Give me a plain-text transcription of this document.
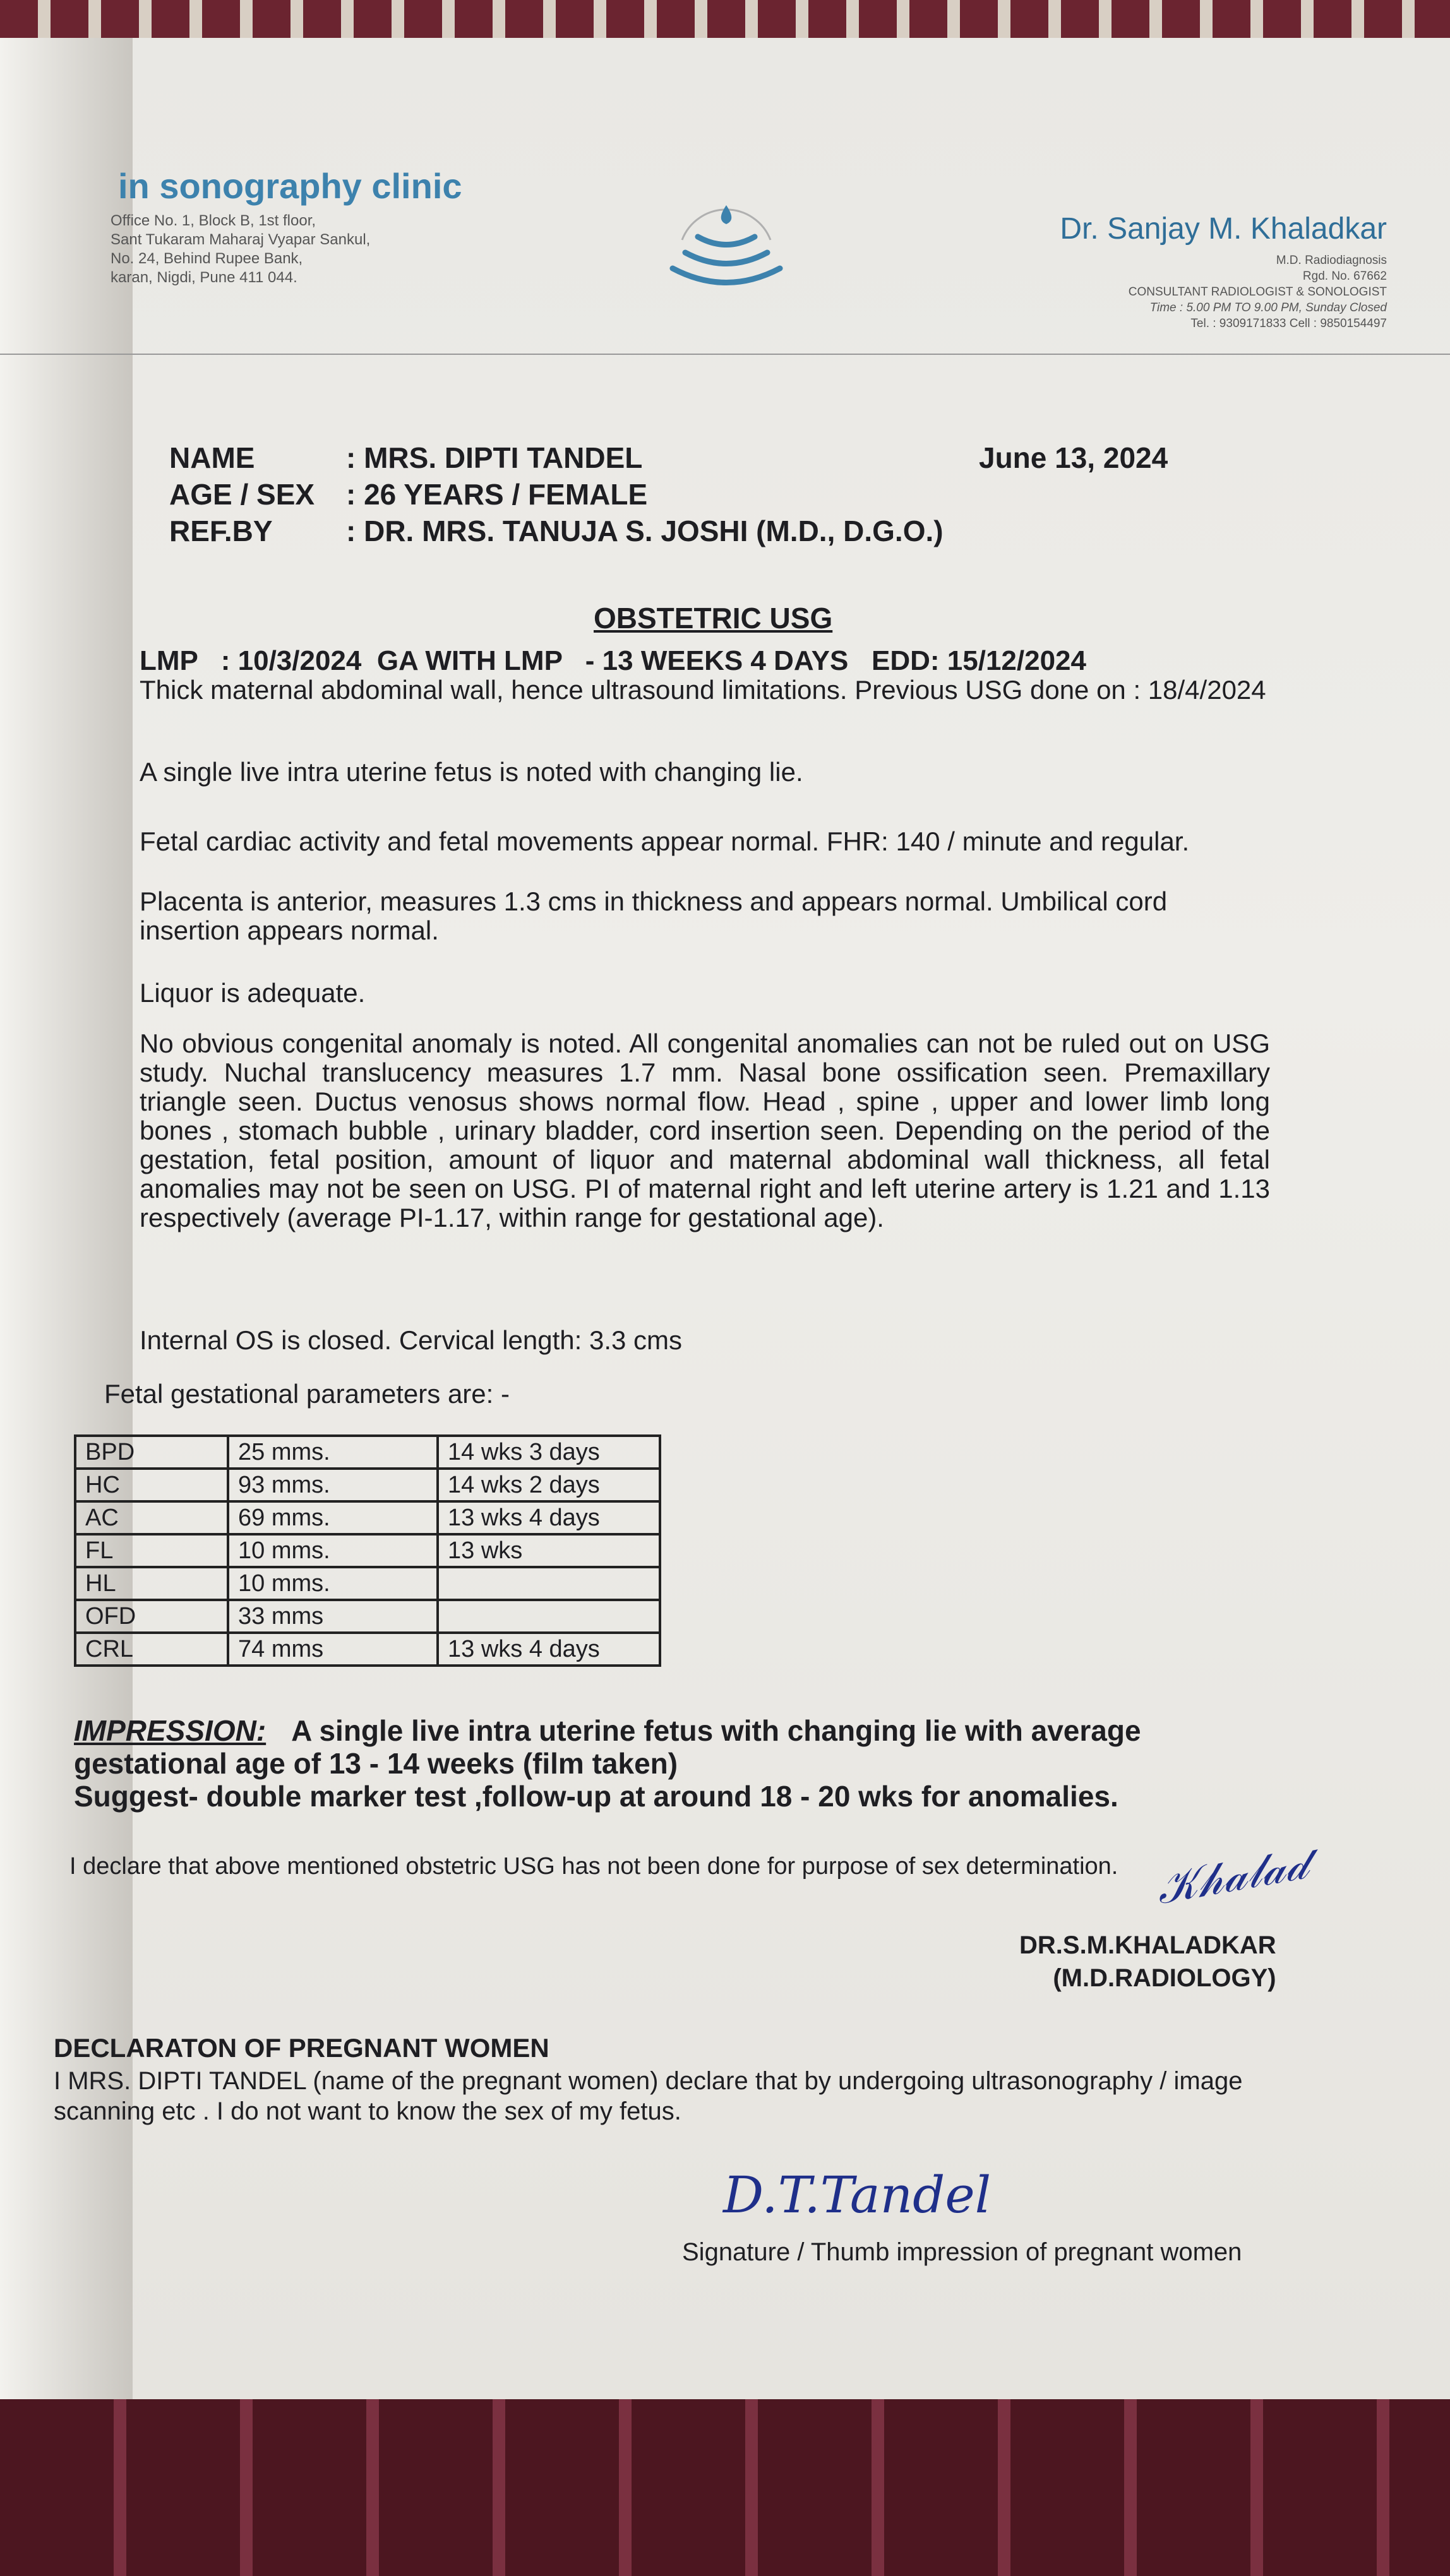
in sonography clinic
Office No. 1, Block B, 1st floor,
Sant Tukaram Maharaj Vyapar Sankul,
No. 24, Behind Rupee Bank,
karan, Nigdi, Pune 411 044.
Dr. Sanjay M. Khaladkar
M.D. Radiodiagnosis
Rgd. No. 67662
CONSULTANT RADIOLOGIST & SONOLOGIST
Time : 5.00 PM TO 9.00 PM, Sunday Closed
Tel. : 9309171833 Cell : 9850154497
June 13, 2024
NAME	: MRS. DIPTI TANDEL
AGE / SEX : 26 YEARS / FEMALE
REF.BY	: DR. MRS. TANUJA S. JOSHI (M.D., D.G.O.)
OBSTETRIC USG
LMP   : 10/3/2024  GA WITH LMP   - 13 WEEKS 4 DAYS   EDD: 15/12/2024
Thick maternal abdominal wall, hence ultrasound limitations. Previous USG done on : 18/4/2024
A single live intra uterine fetus is noted with changing lie.
Fetal cardiac activity and fetal movements appear normal. FHR: 140 / minute and regular.
Placenta is anterior, measures 1.3 cms in thickness and appears normal. Umbilical cord insertion appears normal.
Liquor is adequate.
No obvious congenital anomaly is noted. All congenital anomalies can not be ruled out on USG study. Nuchal translucency measures 1.7 mm. Nasal bone ossification seen. Premaxillary triangle seen. Ductus venosus shows normal flow. Head , spine , upper and lower limb long bones , stomach bubble , urinary bladder, cord insertion seen. Depending on the period of the gestation, fetal position, amount of liquor and maternal abdominal wall thickness, all fetal anomalies may not be seen on USG. PI of maternal right and left uterine artery is 1.21 and 1.13 respectively (average PI-1.17, within range for gestational age).
Internal OS is closed. Cervical length: 3.3 cms
Fetal gestational parameters are: -
BPD	25 mms.	14 wks 3 days
HC	93 mms.	14 wks 2 days
AC	69 mms.	13 wks 4 days
FL	10 mms.	13 wks
HL	10 mms.	
OFD	33 mms	
CRL	74 mms	13 wks 4 days
IMPRESSION: A single live intra uterine fetus with changing lie with average gestational age of 13 - 14 weeks (film taken)
Suggest- double marker test ,follow-up at around 18 - 20 wks for anomalies.
I declare that above mentioned obstetric USG has not been done for purpose of sex determination. 𝒦𝒽𝒶𝓁𝒶𝒹
DR.S.M.KHALADKAR
(M.D.RADIOLOGY)
DECLARATON OF PREGNANT WOMEN
I MRS. DIPTI TANDEL (name of the pregnant women) declare that by undergoing ultrasonography / image scanning etc . I do not want to know the sex of my fetus.
D.T.Tandel
Signature / Thumb impression of pregnant women
